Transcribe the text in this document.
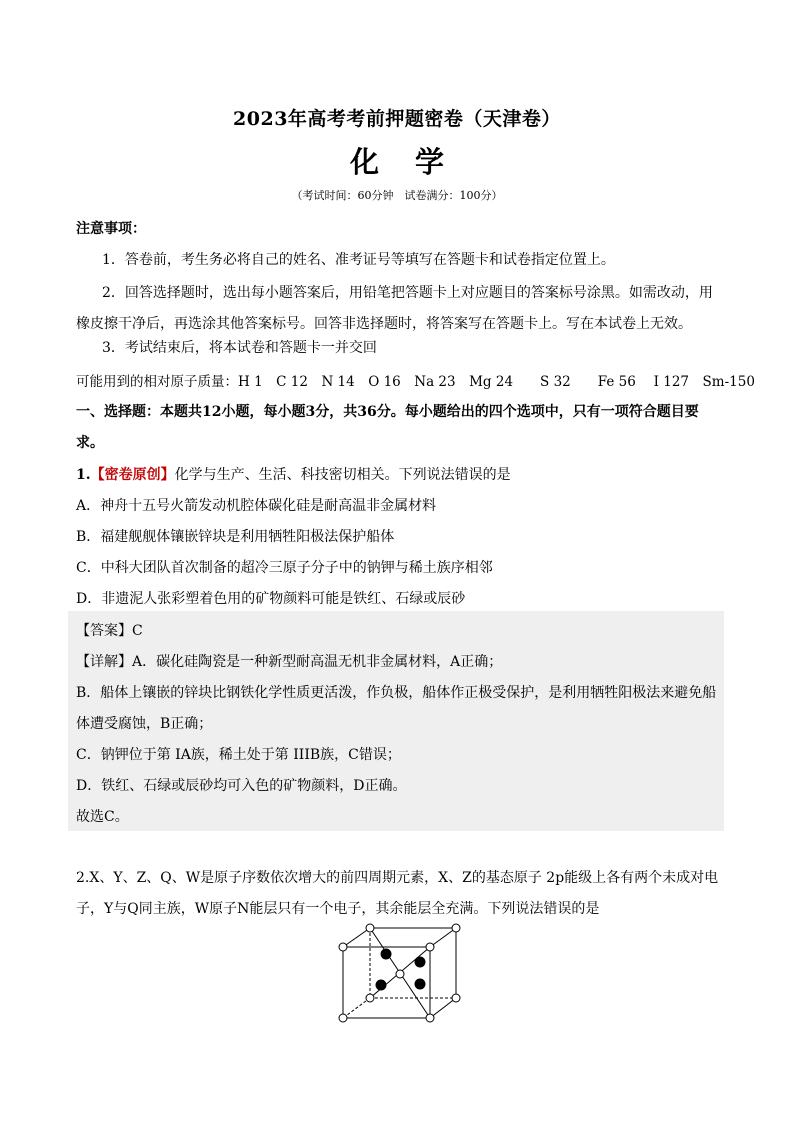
2023年高考考前押题密卷（天津卷）
化学
（考试时间：60分钟　试卷满分：100分）
注意事项：
1．答卷前，考生务必将自己的姓名、准考证号等填写在答题卡和试卷指定位置上。
2．回答选择题时，选出每小题答案后，用铅笔把答题卡上对应题目的答案标号涂黑。如需改动，用
橡皮擦干净后，再选涂其他答案标号。回答非选择题时，将答案写在答题卡上。写在本试卷上无效。
3．考试结束后，将本试卷和答题卡一并交回
可能用到的相对原子质量：H 1　C 12　N 14　O 16　Na 23　Mg 24　　S 32　　Fe 56　 I 127　Sm-150
一、选择题：本题共12小题，每小题3分，共36分。每小题给出的四个选项中，只有一项符合题目要
求。
1.【密卷原创】化学与生产、生活、科技密切相关。下列说法错误的是
A．神舟十五号火箭发动机腔体碳化硅是耐高温非金属材料
B．福建舰舰体镶嵌锌块是利用牺牲阳极法保护船体
C．中科大团队首次制备的超冷三原子分子中的钠钾与稀土族序相邻
D．非遗泥人张彩塑着色用的矿物颜料可能是铁红、石绿或辰砂
【答案】C
【详解】A．碳化硅陶瓷是一种新型耐高温无机非金属材料，A正确；
B．船体上镶嵌的锌块比钢铁化学性质更活泼，作负极，船体作正极受保护，是利用牺牲阳极法来避免船
体遭受腐蚀，B正确；
C．钠钾位于第 IA族，稀土处于第 IIIB族，C错误；
D．铁红、石绿或辰砂均可入色的矿物颜料，D正确。
故选C。
2.X、Y、Z、Q、W是原子序数依次增大的前四周期元素，X、Z的基态原子 2p能级上各有两个未成对电
子，Y与Q同主族，W原子N能层只有一个电子，其余能层全充满。下列说法错误的是
